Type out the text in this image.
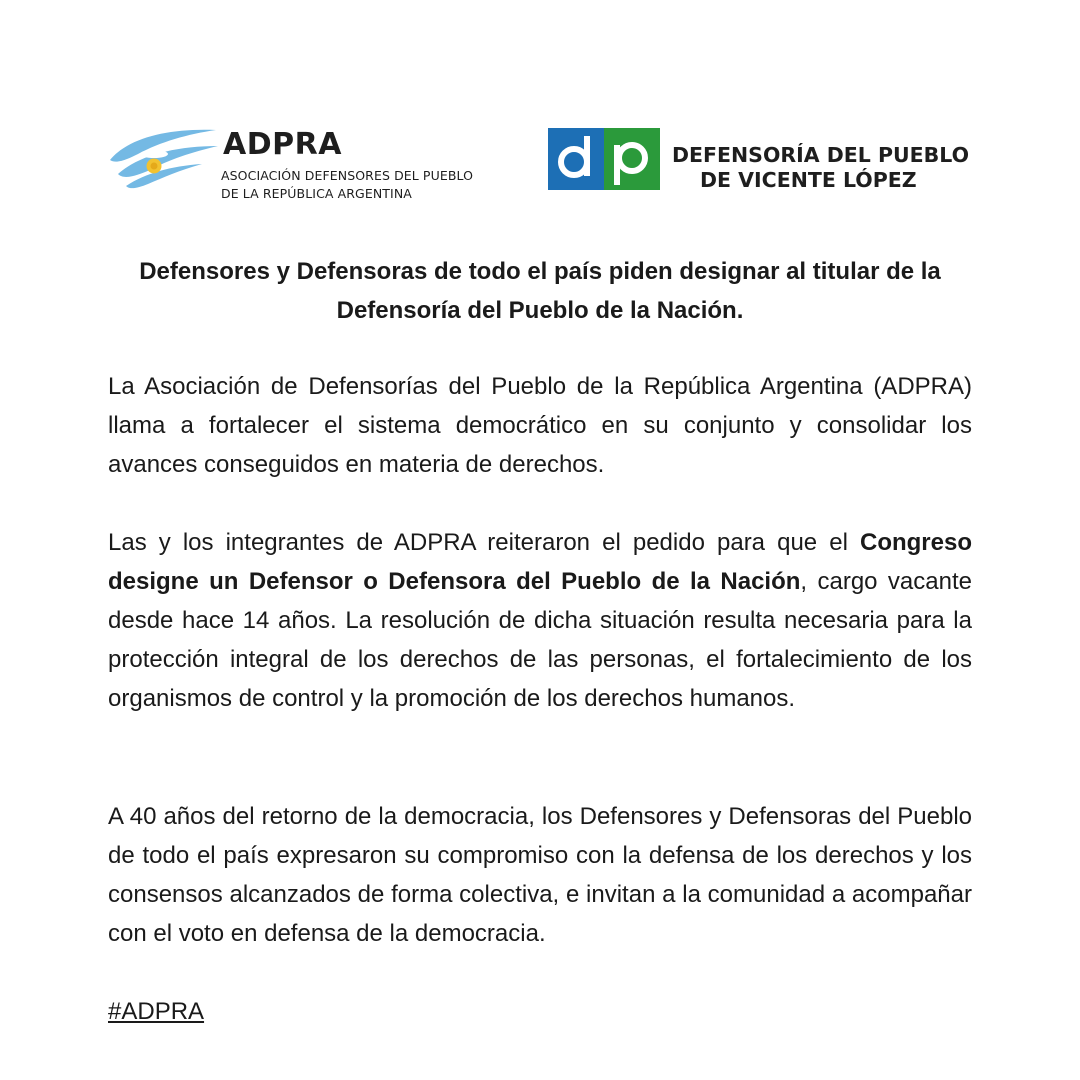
ADPRA
ASOCIACIÓN DEFENSORES DEL PUEBLO
DE LA REPÚBLICA ARGENTINA
DEFENSORÍA DEL PUEBLO
DE VICENTE LÓPEZ
Defensores y Defensoras de todo el país piden designar al titular de la Defensoría del Pueblo de la Nación.
La Asociación de Defensorías del Pueblo de la República Argentina (ADPRA) llama a fortalecer el sistema democrático en su conjunto y consolidar los avances conseguidos en materia de derechos.
Las y los integrantes de ADPRA reiteraron el pedido para que el Congreso designe un Defensor o Defensora del Pueblo de la Nación, cargo vacante desde hace 14 años. La resolución de dicha situación resulta necesaria para la protección integral de los derechos de las personas, el fortalecimiento de los organismos de control y la promoción de los derechos humanos.
A 40 años del retorno de la democracia, los Defensores y Defensoras del Pueblo de todo el país expresaron su compromiso con la defensa de los derechos y los consensos alcanzados de forma colectiva, e invitan a la comunidad a acompañar con el voto en defensa de la democracia.
#ADPRA
